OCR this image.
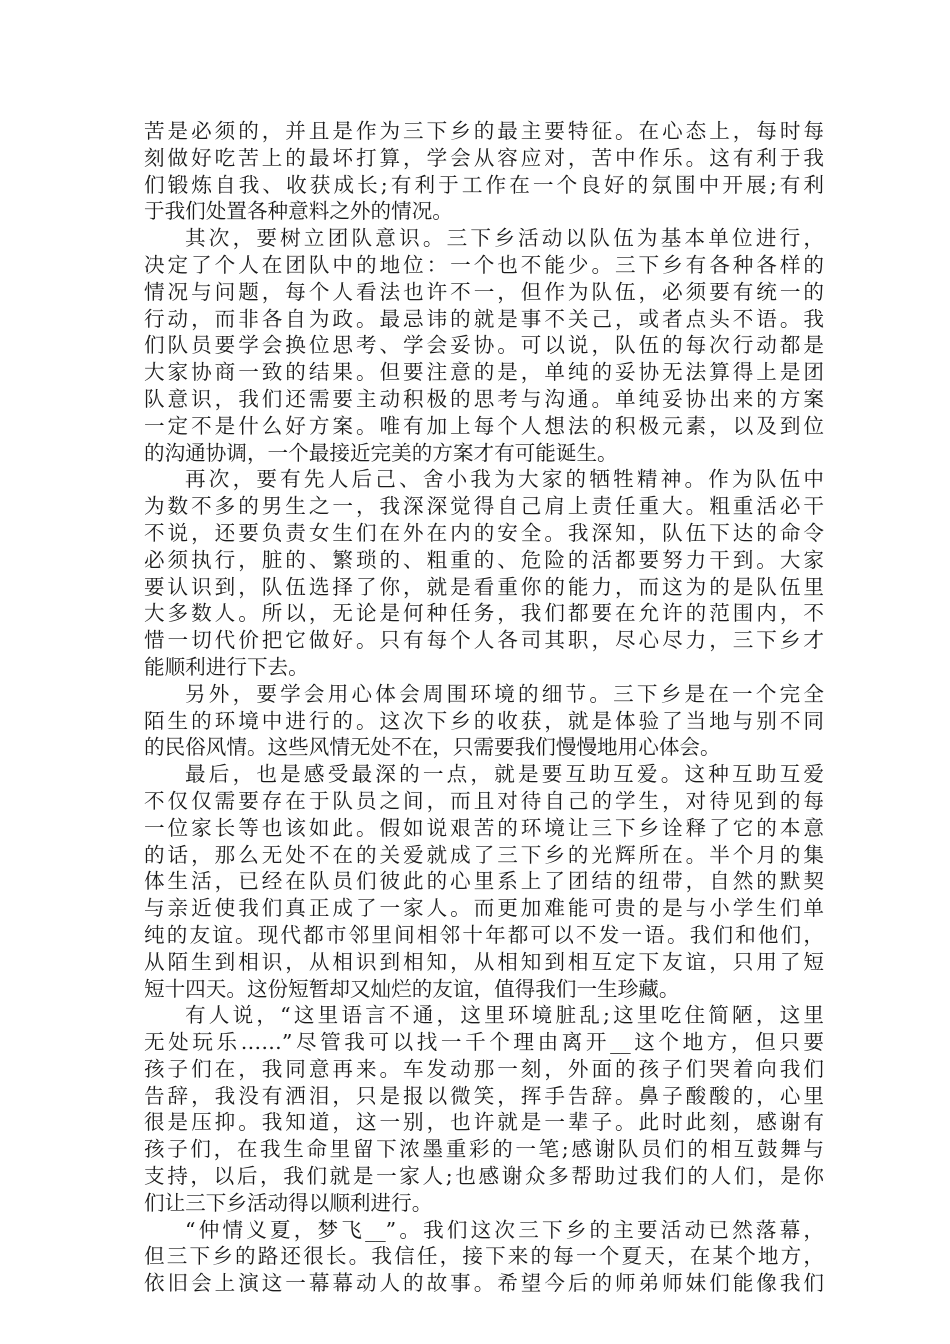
苦是必须的，并且是作为三下乡的最主要特征。在心态上，每时每
刻做好吃苦上的最坏打算，学会从容应对，苦中作乐。这有利于我
们锻炼自我、收获成长;有利于工作在一个良好的氛围中开展;有利
于我们处置各种意料之外的情况。
其次，要树立团队意识。三下乡活动以队伍为基本单位进行，
决定了个人在团队中的地位：一个也不能少。三下乡有各种各样的
情况与问题，每个人看法也许不一，但作为队伍，必须要有统一的
行动，而非各自为政。最忌讳的就是事不关己，或者点头不语。我
们队员要学会换位思考、学会妥协。可以说，队伍的每次行动都是
大家协商一致的结果。但要注意的是，单纯的妥协无法算得上是团
队意识，我们还需要主动积极的思考与沟通。单纯妥协出来的方案
一定不是什么好方案。唯有加上每个人想法的积极元素，以及到位
的沟通协调，一个最接近完美的方案才有可能诞生。
再次，要有先人后己、舍小我为大家的牺牲精神。作为队伍中
为数不多的男生之一，我深深觉得自己肩上责任重大。粗重活必干
不说，还要负责女生们在外在内的安全。我深知，队伍下达的命令
必须执行，脏的、繁琐的、粗重的、危险的活都要努力干到。大家
要认识到，队伍选择了你，就是看重你的能力，而这为的是队伍里
大多数人。所以，无论是何种任务，我们都要在允许的范围内，不
惜一切代价把它做好。只有每个人各司其职，尽心尽力，三下乡才
能顺利进行下去。
另外，要学会用心体会周围环境的细节。三下乡是在一个完全
陌生的环境中进行的。这次下乡的收获，就是体验了当地与别不同
的民俗风情。这些风情无处不在，只需要我们慢慢地用心体会。
最后，也是感受最深的一点，就是要互助互爱。这种互助互爱
不仅仅需要存在于队员之间，而且对待自己的学生，对待见到的每
一位家长等也该如此。假如说艰苦的环境让三下乡诠释了它的本意
的话，那么无处不在的关爱就成了三下乡的光辉所在。半个月的集
体生活，已经在队员们彼此的心里系上了团结的纽带，自然的默契
与亲近使我们真正成了一家人。而更加难能可贵的是与小学生们单
纯的友谊。现代都市邻里间相邻十年都可以不发一语。我们和他们，
从陌生到相识，从相识到相知，从相知到相互定下友谊，只用了短
短十四天。这份短暂却又灿烂的友谊，值得我们一生珍藏。
有人说，“这里语言不通，这里环境脏乱;这里吃住简陋，这里
无处玩乐……”尽管我可以找一千个理由离开__这个地方，但只要
孩子们在，我同意再来。车发动那一刻，外面的孩子们哭着向我们
告辞，我没有洒泪，只是报以微笑，挥手告辞。鼻子酸酸的，心里
很是压抑。我知道，这一别，也许就是一辈子。此时此刻，感谢有
孩子们，在我生命里留下浓墨重彩的一笔;感谢队员们的相互鼓舞与
支持，以后，我们就是一家人;也感谢众多帮助过我们的人们，是你
们让三下乡活动得以顺利进行。
“仲情义夏，梦飞__”。我们这次三下乡的主要活动已然落幕，
但三下乡的路还很长。我信任，接下来的每一个夏天，在某个地方，
依旧会上演这一幕幕动人的故事。希望今后的师弟师妹们能像我们
